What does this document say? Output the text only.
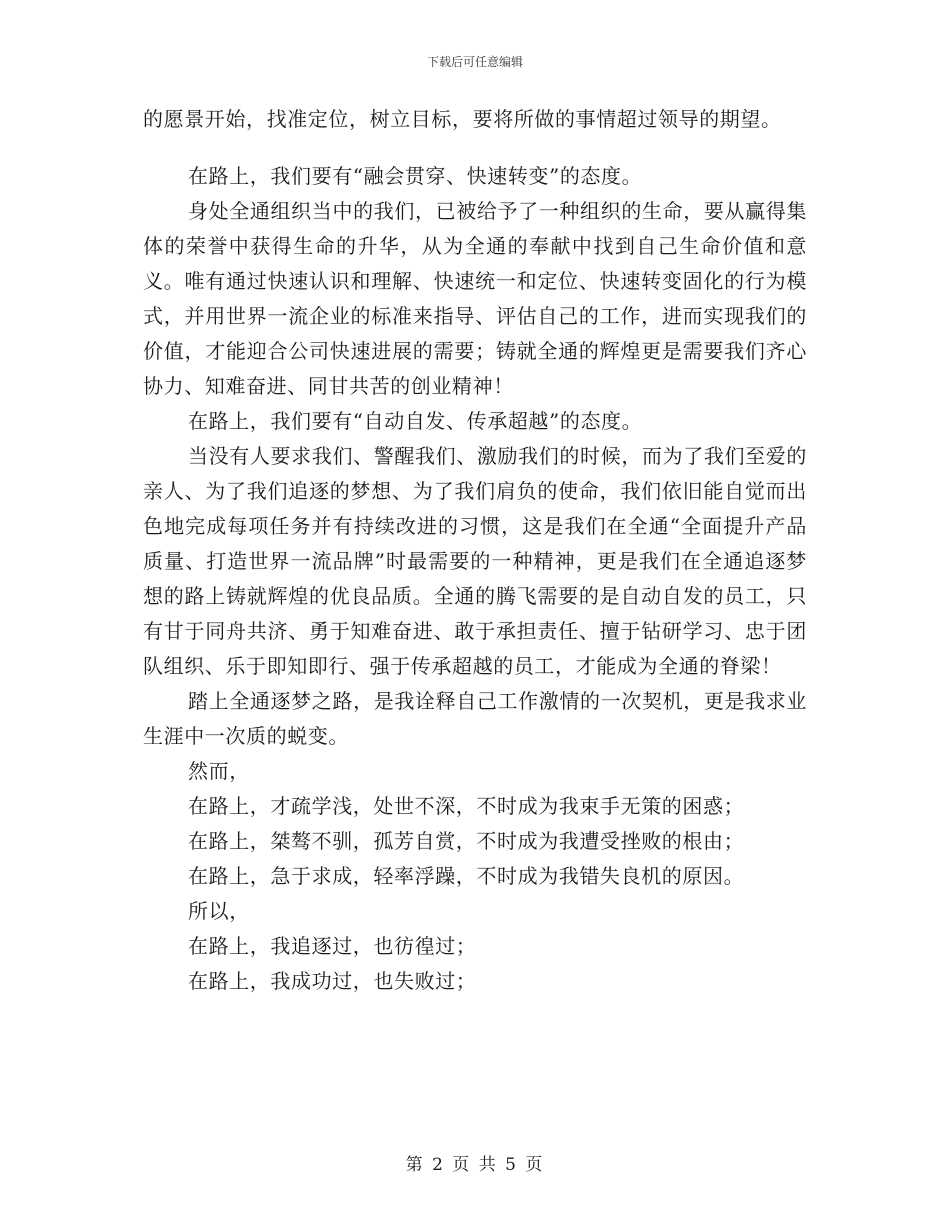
下载后可任意编辑

的愿景开始，找准定位，树立目标，要将所做的事情超过领导的期望。

在路上，我们要有“融会贯穿、快速转变”的态度。

身处全通组织当中的我们，已被给予了一种组织的生命，要从赢得集体的荣誉中获得生命的升华，从为全通的奉献中找到自己生命价值和意义。唯有通过快速认识和理解、快速统一和定位、快速转变固化的行为模式，并用世界一流企业的标准来指导、评估自己的工作，进而实现我们的价值，才能迎合公司快速进展的需要；铸就全通的辉煌更是需要我们齐心协力、知难奋进、同甘共苦的创业精神！

在路上，我们要有“自动自发、传承超越”的态度。

当没有人要求我们、警醒我们、激励我们的时候，而为了我们至爱的亲人、为了我们追逐的梦想、为了我们肩负的使命，我们依旧能自觉而出色地完成每项任务并有持续改进的习惯，这是我们在全通“全面提升产品质量、打造世界一流品牌”时最需要的一种精神，更是我们在全通追逐梦想的路上铸就辉煌的优良品质。全通的腾飞需要的是自动自发的员工，只有甘于同舟共济、勇于知难奋进、敢于承担责任、擅于钻研学习、忠于团队组织、乐于即知即行、强于传承超越的员工，才能成为全通的脊梁！

踏上全通逐梦之路，是我诠释自己工作激情的一次契机，更是我求业生涯中一次质的蜕变。

然而，

在路上，才疏学浅，处世不深，不时成为我束手无策的困惑；

在路上，桀骜不驯，孤芳自赏，不时成为我遭受挫败的根由；

在路上，急于求成，轻率浮躁，不时成为我错失良机的原因。

所以，

在路上，我追逐过，也彷徨过；

在路上，我成功过，也失败过；

第 2 页 共 5 页
